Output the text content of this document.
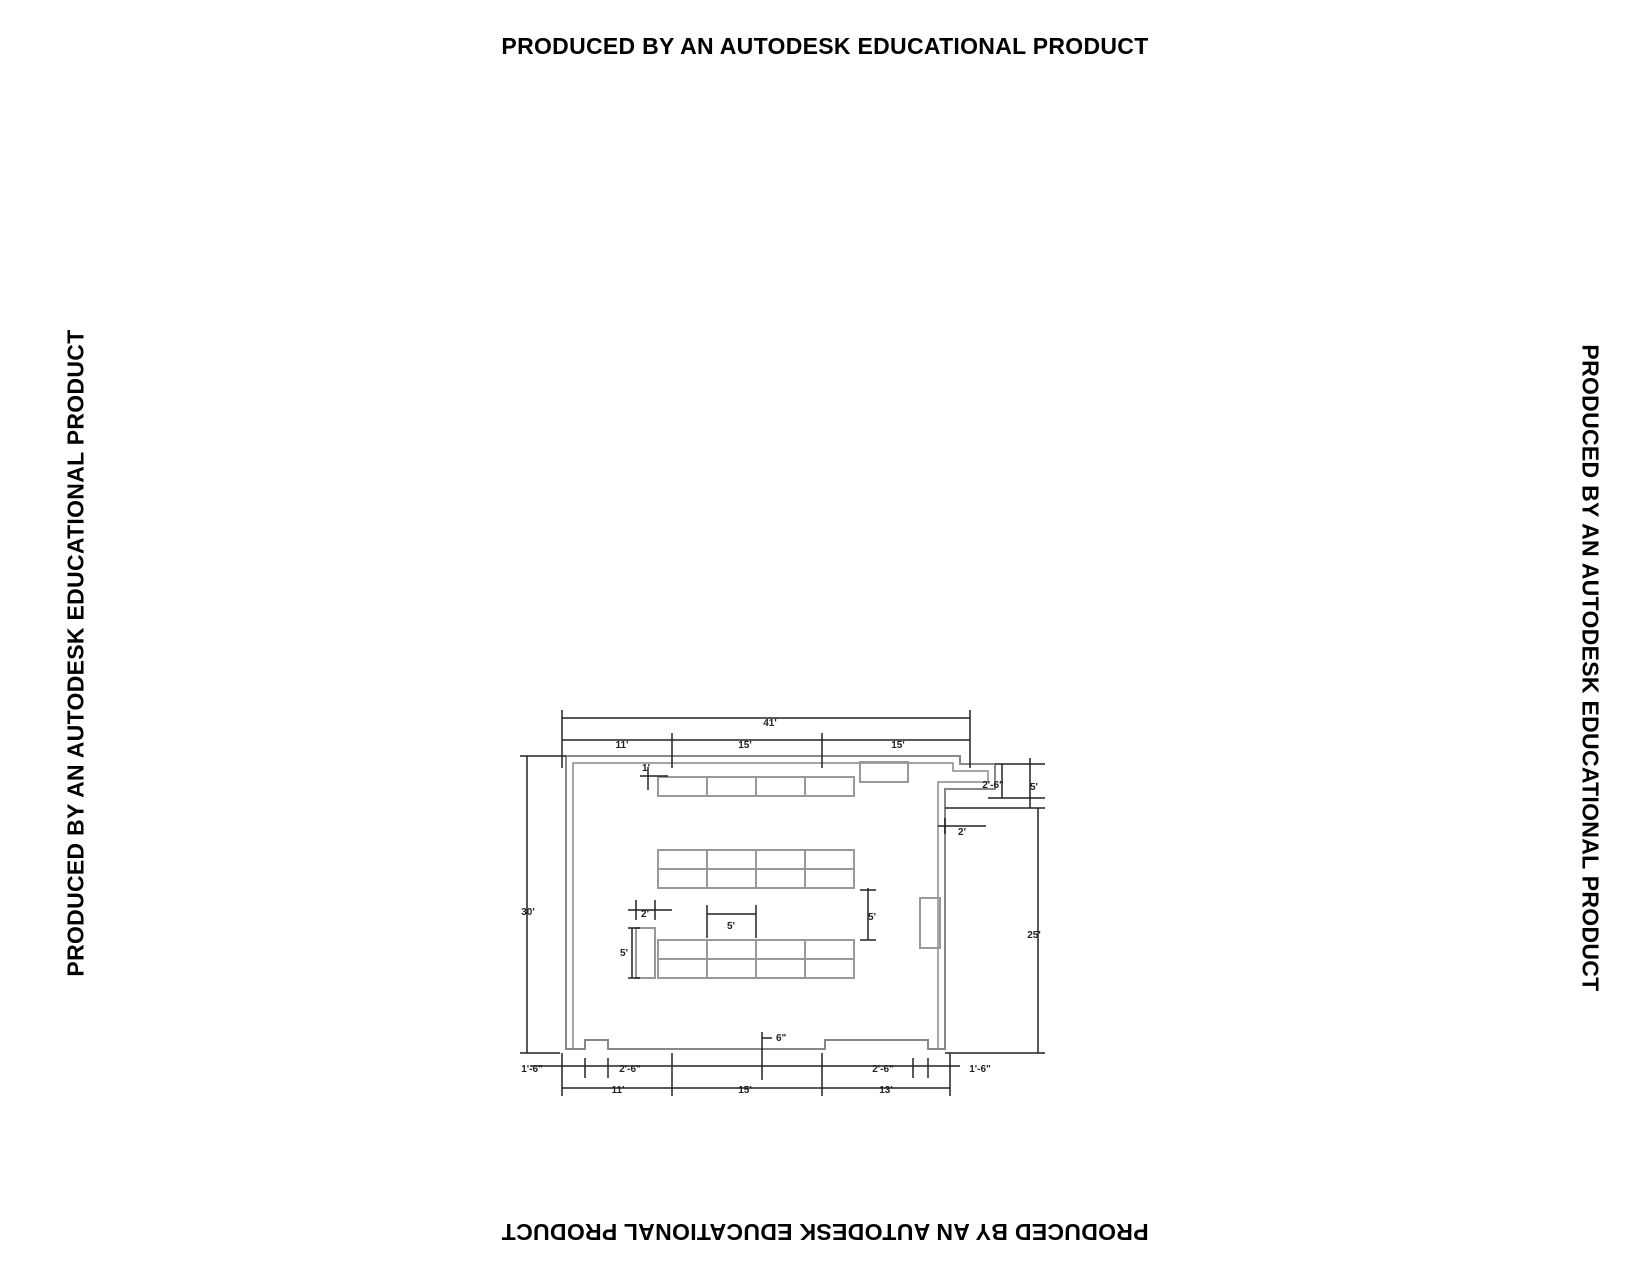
PRODUCED BY AN AUTODESK EDUCATIONAL PRODUCT
PRODUCED BY AN AUTODESK EDUCATIONAL PRODUCT
PRODUCED BY AN AUTODESK EDUCATIONAL PRODUCT	PRODUCED BY AN AUTODESK EDUCATIONAL PRODUCT
41'
11'	15'	15'
30'
25'
2'-6"	5'
2'
1'
5'
5'
5'
2'
1'-6"	2'-6"	2'-6"	1'-6"
6"
11'	15'	13'
